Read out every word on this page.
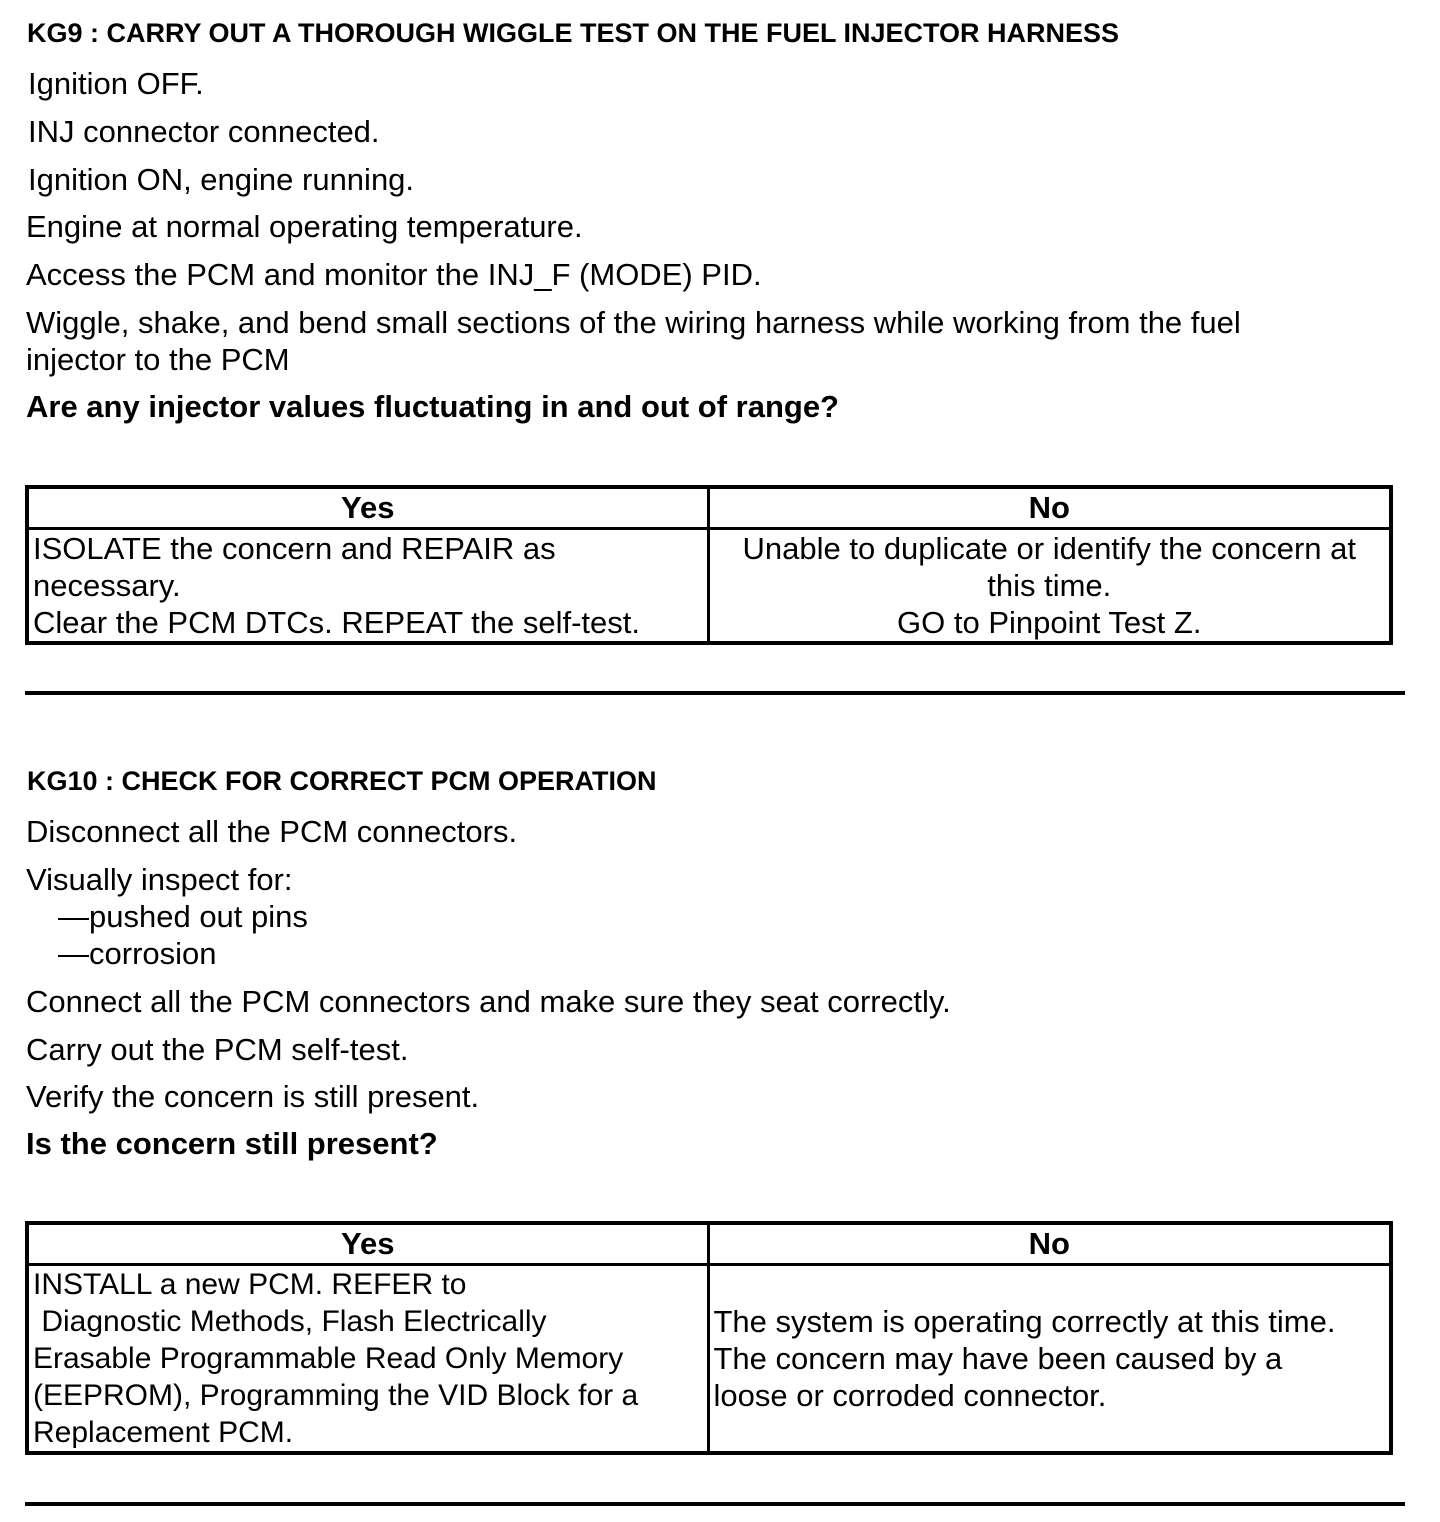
KG9 : CARRY OUT A THOROUGH WIGGLE TEST ON THE FUEL INJECTOR HARNESS
Ignition OFF.
INJ connector connected.
Ignition ON, engine running.
Engine at normal operating temperature.
Access the PCM and monitor the INJ_F (MODE) PID.
Wiggle, shake, and bend small sections of the wiring harness while working from the fuel
injector to the PCM
Are any injector values fluctuating in and out of range?
Yes	No

ISOLATE the concern and REPAIR as
necessary.
Clear the PCM DTCs. REPEAT the self-test.	Unable to duplicate or identify the concern at
this time.
GO to Pinpoint Test Z.
KG10 : CHECK FOR CORRECT PCM OPERATION
Disconnect all the PCM connectors.
Visually inspect for:
—pushed out pins
—corrosion
Connect all the PCM connectors and make sure they seat correctly.
Carry out the PCM self-test.
Verify the concern is still present.
Is the concern still present?
Yes	No

INSTALL a new PCM. REFER to
Diagnostic Methods, Flash Electrically
Erasable Programmable Read Only Memory
(EEPROM), Programming the VID Block for a
Replacement PCM.	The system is operating correctly at this time.
The concern may have been caused by a
loose or corroded connector.
